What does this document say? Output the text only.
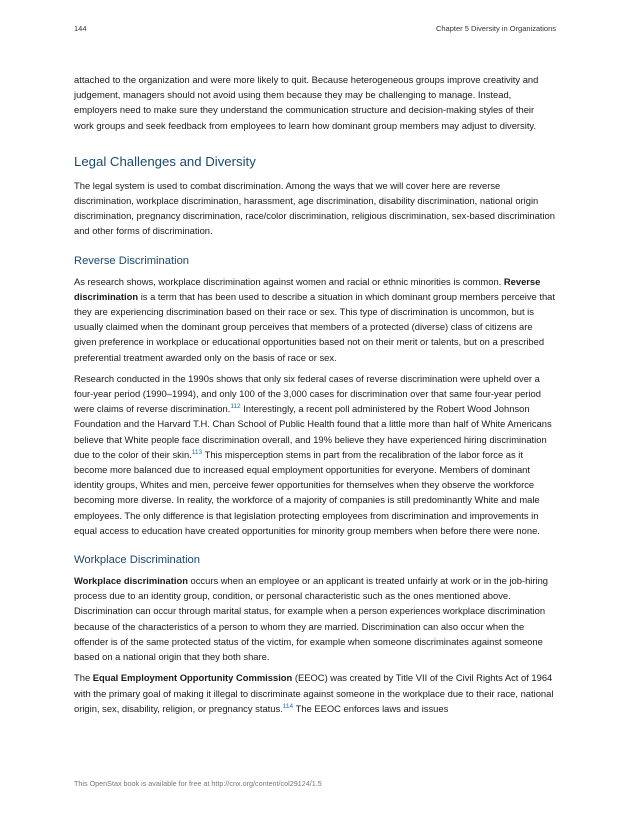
144	Chapter 5 Diversity in Organizations

attached to the organization and were more likely to quit. Because heterogeneous groups improve creativity and judgement, managers should not avoid using them because they may be challenging to manage. Instead, employers need to make sure they understand the communication structure and decision-making styles of their work groups and seek feedback from employees to learn how dominant group members may adjust to diversity.

Legal Challenges and Diversity

The legal system is used to combat discrimination. Among the ways that we will cover here are reverse discrimination, workplace discrimination, harassment, age discrimination, disability discrimination, national origin discrimination, pregnancy discrimination, race/color discrimination, religious discrimination, sex-based discrimination and other forms of discrimination.

Reverse Discrimination

As research shows, workplace discrimination against women and racial or ethnic minorities is common. Reverse discrimination is a term that has been used to describe a situation in which dominant group members perceive that they are experiencing discrimination based on their race or sex. This type of discrimination is uncommon, but is usually claimed when the dominant group perceives that members of a protected (diverse) class of citizens are given preference in workplace or educational opportunities based not on their merit or talents, but on a prescribed preferential treatment awarded only on the basis of race or sex.

Research conducted in the 1990s shows that only six federal cases of reverse discrimination were upheld over a four-year period (1990–1994), and only 100 of the 3,000 cases for discrimination over that same four-year period were claims of reverse discrimination.$^{112}$ Interestingly, a recent poll administered by the Robert Wood Johnson Foundation and the Harvard T.H. Chan School of Public Health found that a little more than half of White Americans believe that White people face discrimination overall, and 19% believe they have experienced hiring discrimination due to the color of their skin.$^{113}$ This misperception stems in part from the recalibration of the labor force as it become more balanced due to increased equal employment opportunities for everyone. Members of dominant identity groups, Whites and men, perceive fewer opportunities for themselves when they observe the workforce becoming more diverse. In reality, the workforce of a majority of companies is still predominantly White and male employees. The only difference is that legislation protecting employees from discrimination and improvements in equal access to education have created opportunities for minority group members when before there were none.

Workplace Discrimination

Workplace discrimination occurs when an employee or an applicant is treated unfairly at work or in the job-hiring process due to an identity group, condition, or personal characteristic such as the ones mentioned above. Discrimination can occur through marital status, for example when a person experiences workplace discrimination because of the characteristics of a person to whom they are married. Discrimination can also occur when the offender is of the same protected status of the victim, for example when someone discriminates against someone based on a national origin that they both share.

The Equal Employment Opportunity Commission (EEOC) was created by Title VII of the Civil Rights Act of 1964 with the primary goal of making it illegal to discriminate against someone in the workplace due to their race, national origin, sex, disability, religion, or pregnancy status.$^{114}$ The EEOC enforces laws and issues

This OpenStax book is available for free at http://cnx.org/content/col29124/1.5
